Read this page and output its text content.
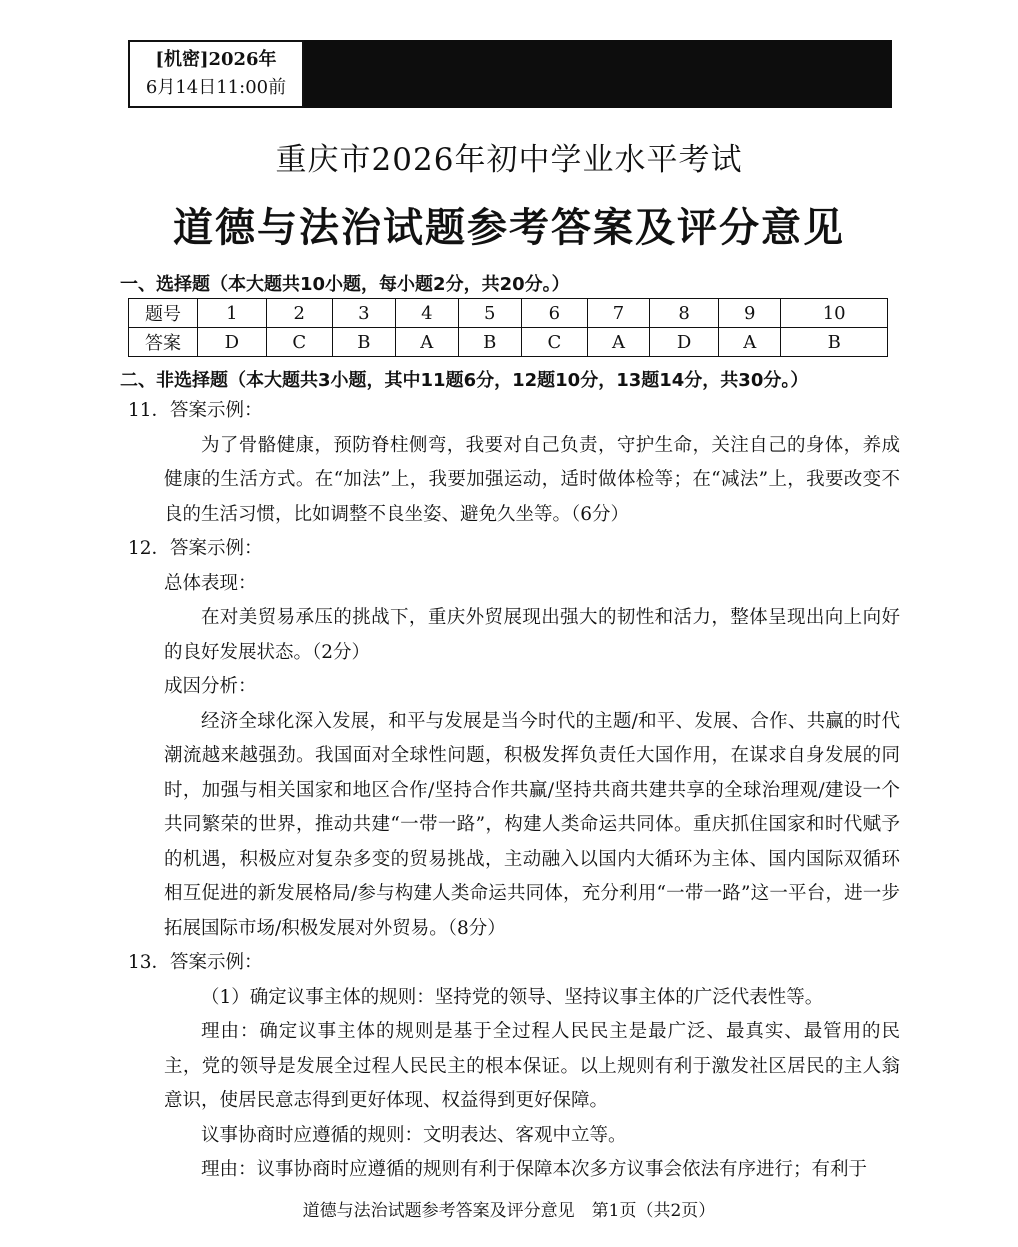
[机密]2026年
6月14日11:00前
重庆市2026年初中学业水平考试
道德与法治试题参考答案及评分意见
一、选择题（本大题共10小题，每小题2分，共20分。）
题号	1	2	3	4	5	6	7	8	9	10
答案	D	C	B	A	B	C	A	D	A	B
二、非选择题（本大题共3小题，其中11题6分，12题10分，13题14分，共30分。）

11．答案示例：

为了骨骼健康，预防脊柱侧弯，我要对自己负责，守护生命，关注自己的身体，养成健康的生活方式。在“加法”上，我要加强运动，适时做体检等；在“减法”上，我要改变不良的生活习惯，比如调整不良坐姿、避免久坐等。（6分）

12．答案示例：

总体表现：

在对美贸易承压的挑战下，重庆外贸展现出强大的韧性和活力，整体呈现出向上向好的良好发展状态。（2分）

成因分析：

经济全球化深入发展，和平与发展是当今时代的主题/和平、发展、合作、共赢的时代潮流越来越强劲。我国面对全球性问题，积极发挥负责任大国作用，在谋求自身发展的同时，加强与相关国家和地区合作/坚持合作共赢/坚持共商共建共享的全球治理观/建设一个共同繁荣的世界，推动共建“一带一路”，构建人类命运共同体。重庆抓住国家和时代赋予的机遇，积极应对复杂多变的贸易挑战，主动融入以国内大循环为主体、国内国际双循环相互促进的新发展格局/参与构建人类命运共同体，充分利用“一带一路”这一平台，进一步拓展国际市场/积极发展对外贸易。（8分）

13．答案示例：

（1）确定议事主体的规则：坚持党的领导、坚持议事主体的广泛代表性等。

理由：确定议事主体的规则是基于全过程人民民主是最广泛、最真实、最管用的民主，党的领导是发展全过程人民民主的根本保证。以上规则有利于激发社区居民的主人翁意识，使居民意志得到更好体现、权益得到更好保障。

议事协商时应遵循的规则：文明表达、客观中立等。

理由：议事协商时应遵循的规则有利于保障本次多方议事会依法有序进行；有利于

道德与法治试题参考答案及评分意见　第1页（共2页）
